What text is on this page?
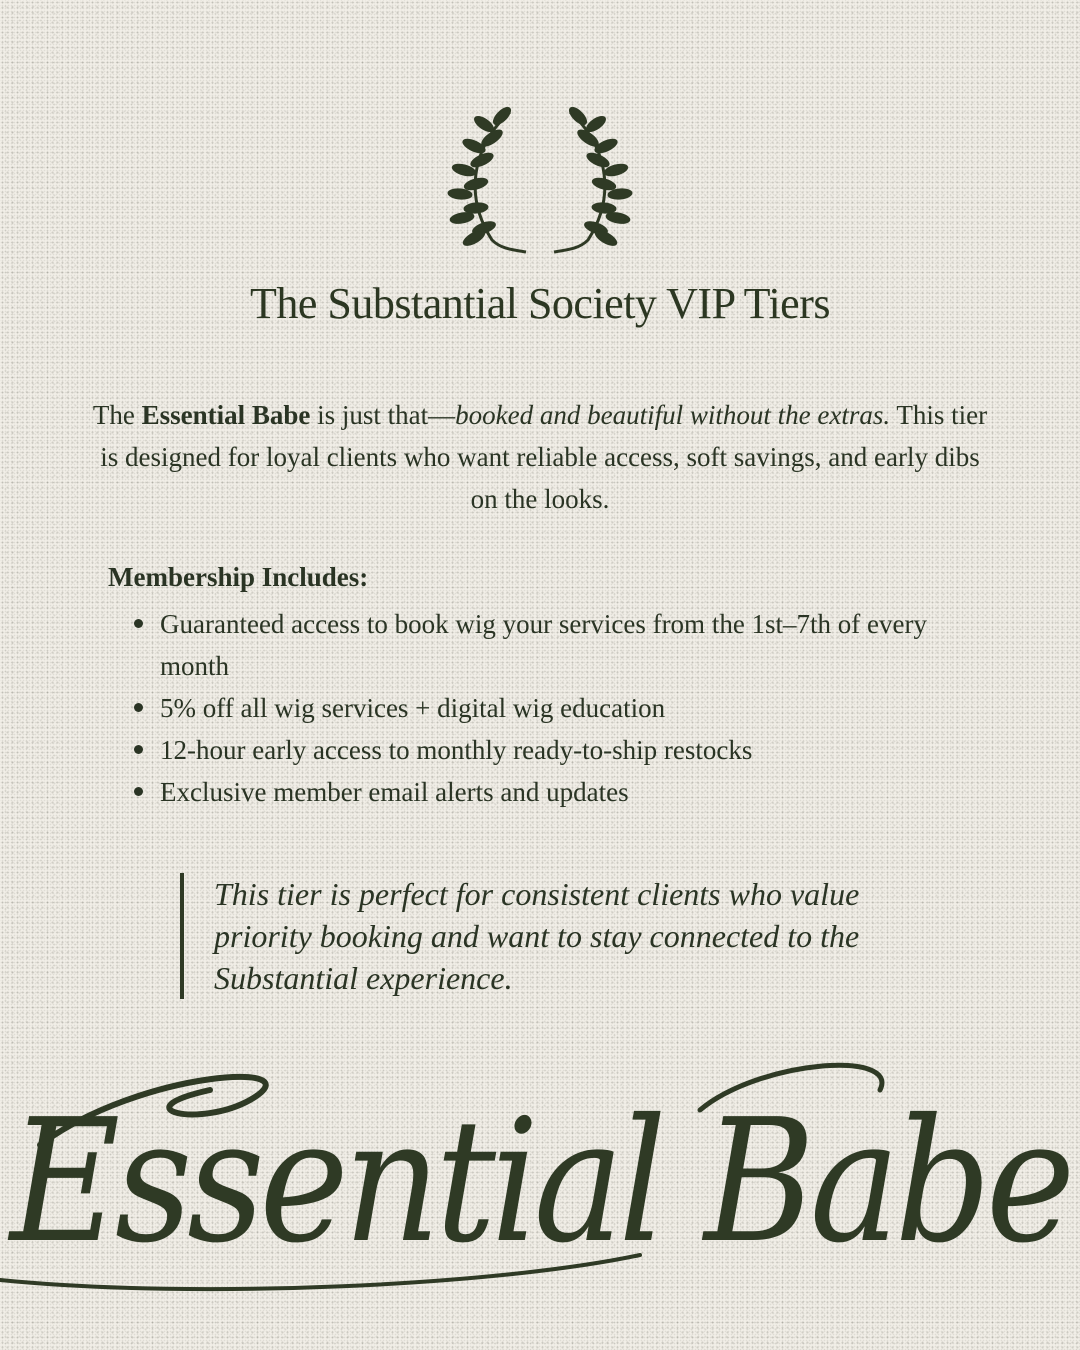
The Substantial Society VIP Tiers

The Essential Babe is just that—booked and beautiful without the extras. This tier is designed for loyal clients who want reliable access, soft savings, and early dibs on the looks.

Membership Includes:
Guaranteed access to book wig your services from the 1st–7th of every month
5% off all wig services + digital wig education
12-hour early access to monthly ready-to-ship restocks
Exclusive member email alerts and updates
This tier is perfect for consistent clients who value priority booking and want to stay connected to the Substantial experience.
Essential Babe
